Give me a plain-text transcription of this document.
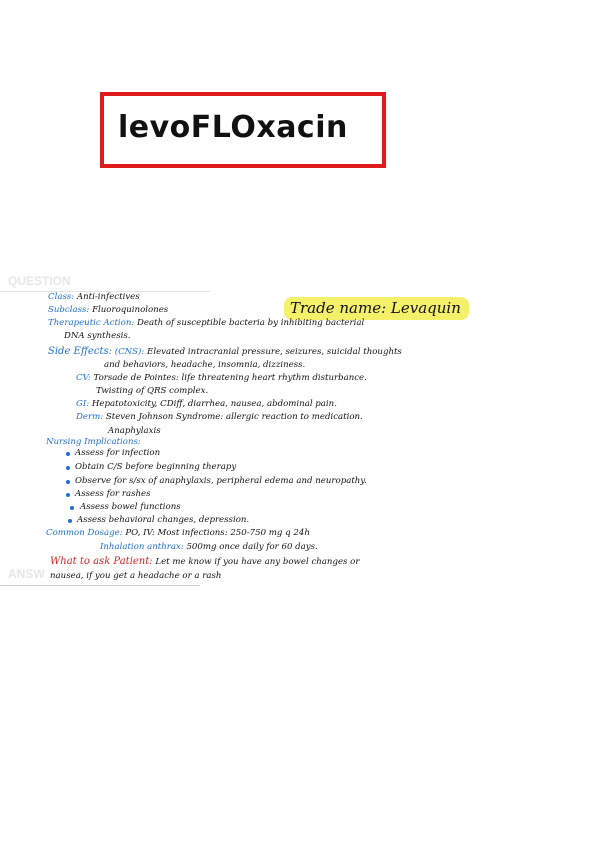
levoFLOxacin
QUESTION
ANSW
Trade name: Levaquin
Class: Anti-infectives
Subclass: Fluoroquinolones
Therapeutic Action: Death of susceptible bacteria by inhibiting bacterial
DNA synthesis.
Side Effects: (CNS): Elevated intracranial pressure, seizures, suicidal thoughts
and behaviors, headache, insomnia, dizziness.
CV: Torsade de Pointes: life threatening heart rhythm disturbance.
Twisting of QRS complex.
GI: Hepatotoxicity, CDiff, diarrhea, nausea, abdominal pain.
Derm: Steven Johnson Syndrome: allergic reaction to medication.
Anaphylaxis
Nursing Implications:
Assess for infection
Obtain C/S before beginning therapy
Observe for s/sx of anaphylaxis, peripheral edema and neuropathy.
Assess for rashes
Assess bowel functions
Assess behavioral changes, depression.
Common Dosage: PO, IV: Most infections: 250-750 mg q 24h
Inhalation anthrax: 500mg once daily for 60 days.
What to ask Patient: Let me know if you have any bowel changes or
nausea, if you get a headache or a rash
